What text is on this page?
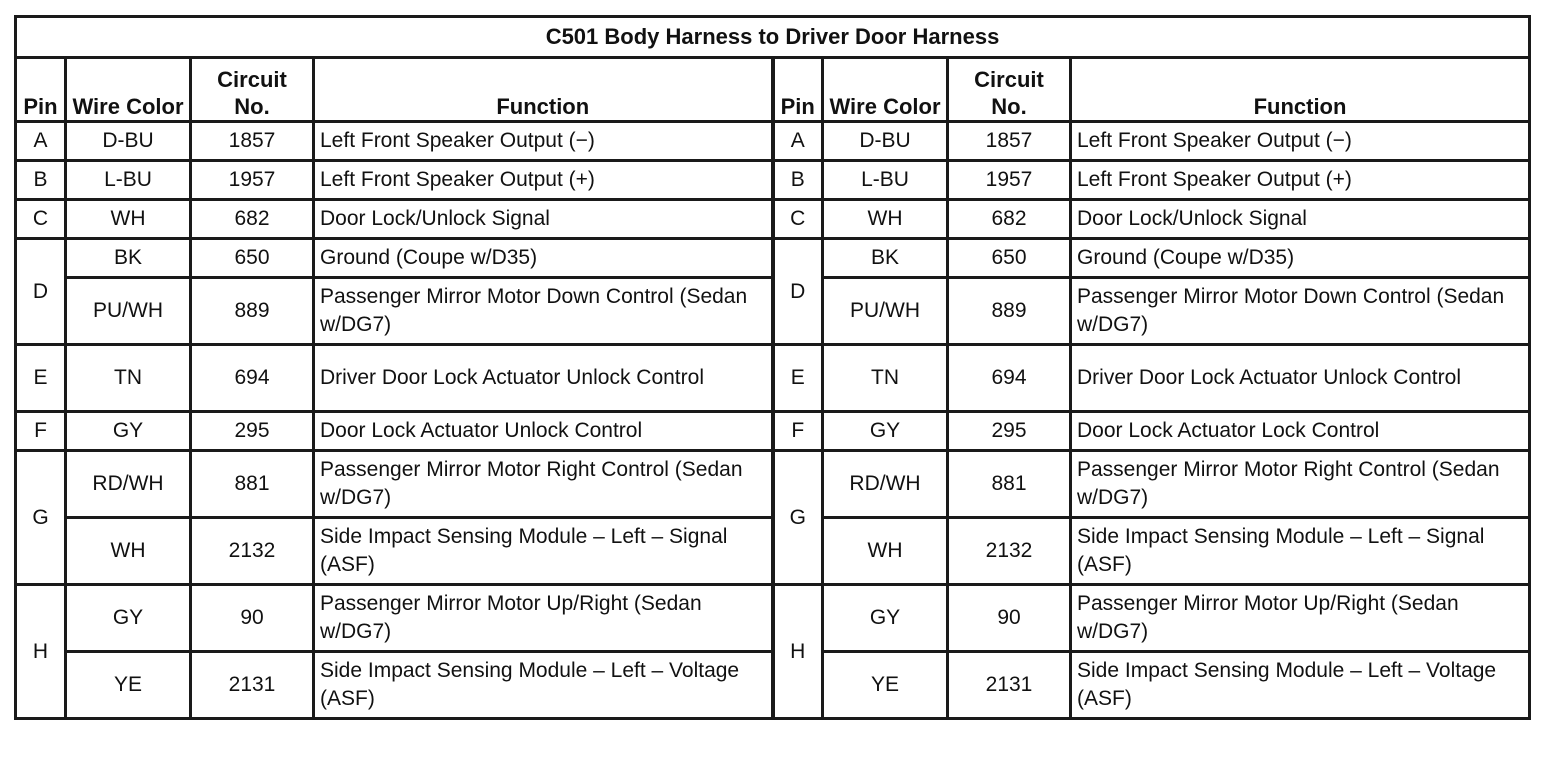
C501 Body Harness to Driver Door Harness							
Pin	Wire Color	Circuit No.	Function	Pin	Wire Color	Circuit No.	Function
A	D-BU	1857	Left Front Speaker Output (−)	A	D-BU	1857	Left Front Speaker Output (−)
B	L-BU	1957	Left Front Speaker Output (+)	B	L-BU	1957	Left Front Speaker Output (+)
C	WH	682	Door Lock/Unlock Signal	C	WH	682	Door Lock/Unlock Signal
D	BK	650	Ground (Coupe w/D35)	D	BK	650	Ground (Coupe w/D35)
	PU/WH	889	Passenger Mirror Motor Down Control (Sedan w/DG7)		PU/WH	889	Passenger Mirror Motor Down Control (Sedan w/DG7)
E	TN	694	Driver Door Lock Actuator Unlock Control	E	TN	694	Driver Door Lock Actuator Unlock Control
F	GY	295	Door Lock Actuator Unlock Control	F	GY	295	Door Lock Actuator Lock Control
G	RD/WH	881	Passenger Mirror Motor Right Control (Sedan w/DG7)	G	RD/WH	881	Passenger Mirror Motor Right Control (Sedan w/DG7)
	WH	2132	Side Impact Sensing Module – Left – Signal (ASF)		WH	2132	Side Impact Sensing Module – Left – Signal (ASF)
H	GY	90	Passenger Mirror Motor Up/Right (Sedan w/DG7)	H	GY	90	Passenger Mirror Motor Up/Right (Sedan w/DG7)
	YE	2131	Side Impact Sensing Module – Left – Voltage (ASF)		YE	2131	Side Impact Sensing Module – Left – Voltage (ASF)
